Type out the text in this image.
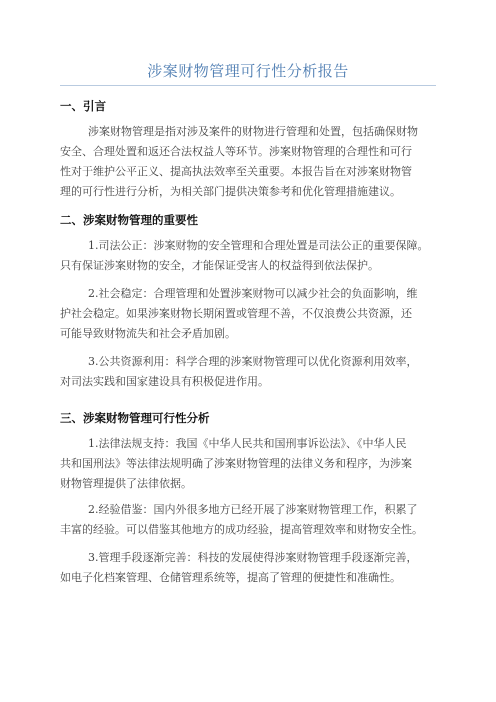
涉案财物管理可行性分析报告
一、引言
涉案财物管理是指对涉及案件的财物进行管理和处置，包括确保财物
安全、合理处置和返还合法权益人等环节。涉案财物管理的合理性和可行
性对于维护公平正义、提高执法效率至关重要。本报告旨在对涉案财物管
理的可行性进行分析，为相关部门提供决策参考和优化管理措施建议。
二、涉案财物管理的重要性
1.司法公正：涉案财物的安全管理和合理处置是司法公正的重要保障。
只有保证涉案财物的安全，才能保证受害人的权益得到依法保护。
2.社会稳定：合理管理和处置涉案财物可以减少社会的负面影响，维
护社会稳定。如果涉案财物长期闲置或管理不善，不仅浪费公共资源，还
可能导致财物流失和社会矛盾加剧。
3.公共资源利用：科学合理的涉案财物管理可以优化资源利用效率，
对司法实践和国家建设具有积极促进作用。
三、涉案财物管理可行性分析
1.法律法规支持：我国《中华人民共和国刑事诉讼法》、《中华人民
共和国刑法》等法律法规明确了涉案财物管理的法律义务和程序，为涉案
财物管理提供了法律依据。
2.经验借鉴：国内外很多地方已经开展了涉案财物管理工作，积累了
丰富的经验。可以借鉴其他地方的成功经验，提高管理效率和财物安全性。
3.管理手段逐渐完善：科技的发展使得涉案财物管理手段逐渐完善，
如电子化档案管理、仓储管理系统等，提高了管理的便捷性和准确性。
